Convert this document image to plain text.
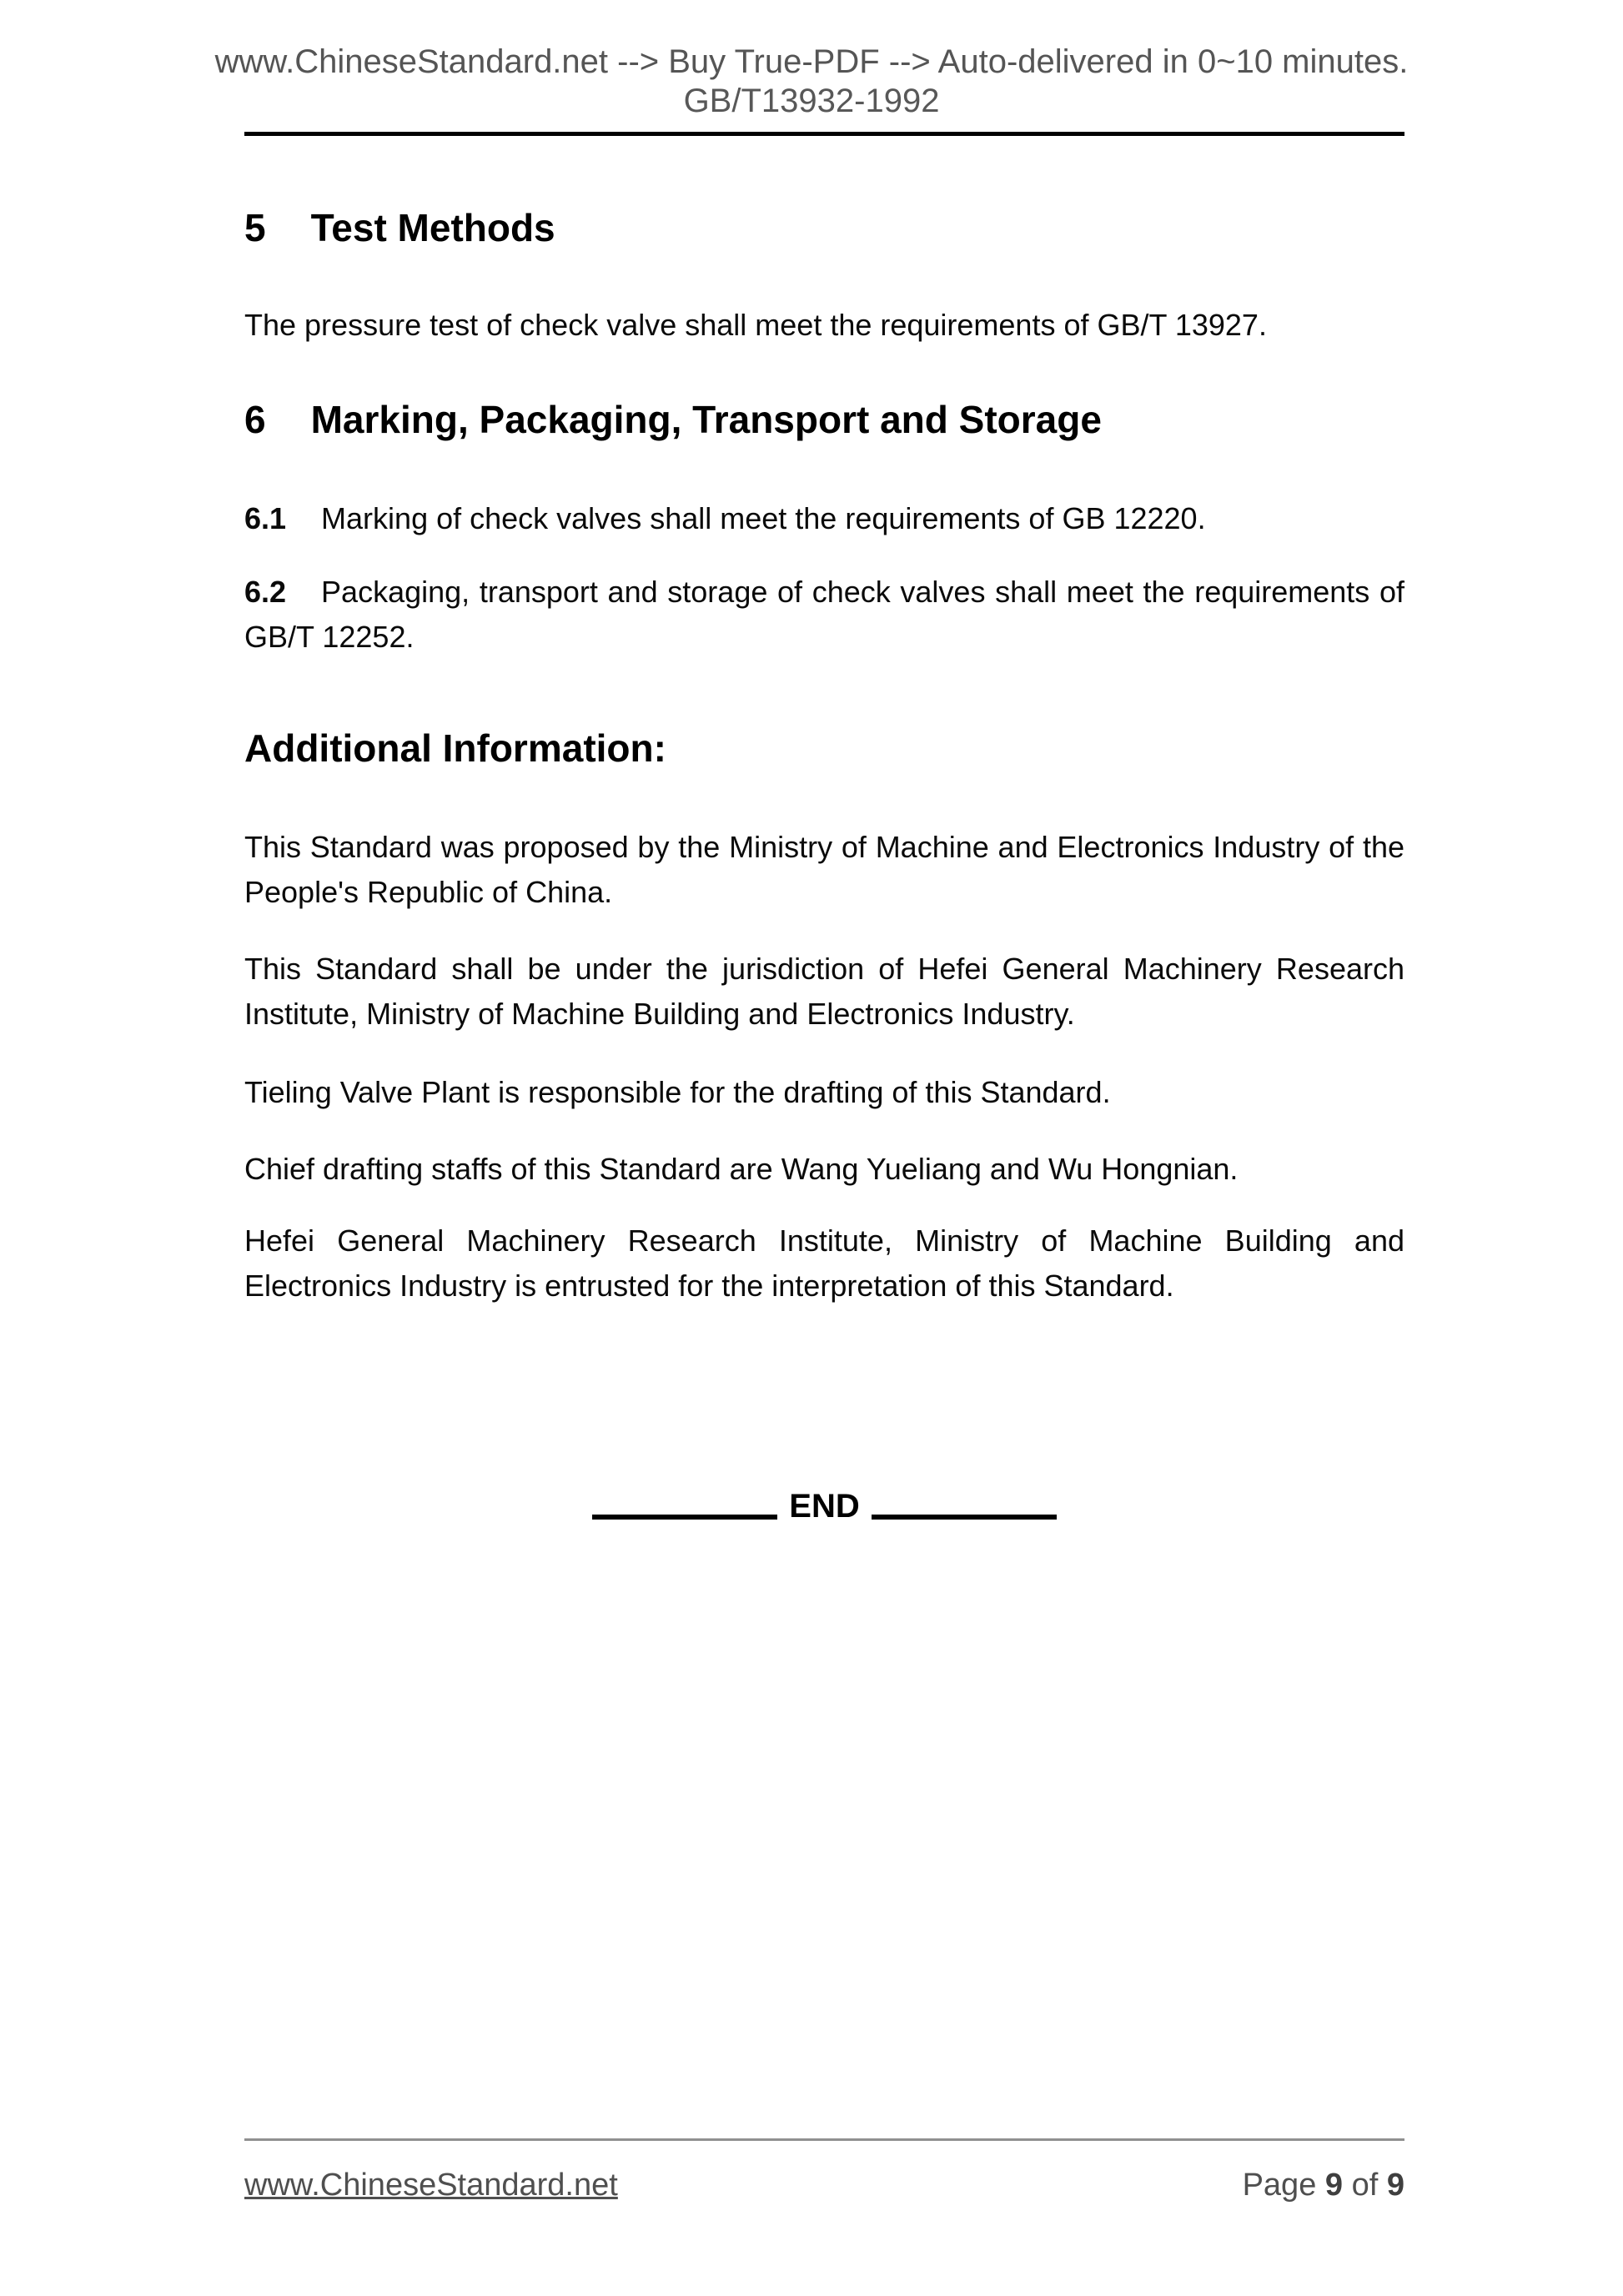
www.ChineseStandard.net --> Buy True-PDF --> Auto-delivered in 0~10 minutes.
GB/T13932-1992
5 Test Methods

The pressure test of check valve shall meet the requirements of GB/T 13927.

6 Marking, Packaging, Transport and Storage

6.1 Marking of check valves shall meet the requirements of GB 12220.

6.2 Packaging, transport and storage of check valves shall meet the requirements of GB/T 12252.

Additional Information:

This Standard was proposed by the Ministry of Machine and Electronics Industry of the People's Republic of China.

This Standard shall be under the jurisdiction of Hefei General Machinery Research Institute, Ministry of Machine Building and Electronics Industry.

Tieling Valve Plant is responsible for the drafting of this Standard.

Chief drafting staffs of this Standard are Wang Yueliang and Wu Hongnian.

Hefei General Machinery Research Institute, Ministry of Machine Building and Electronics Industry is entrusted for the interpretation of this Standard.

END
www.ChineseStandard.net	Page 9 of 9
